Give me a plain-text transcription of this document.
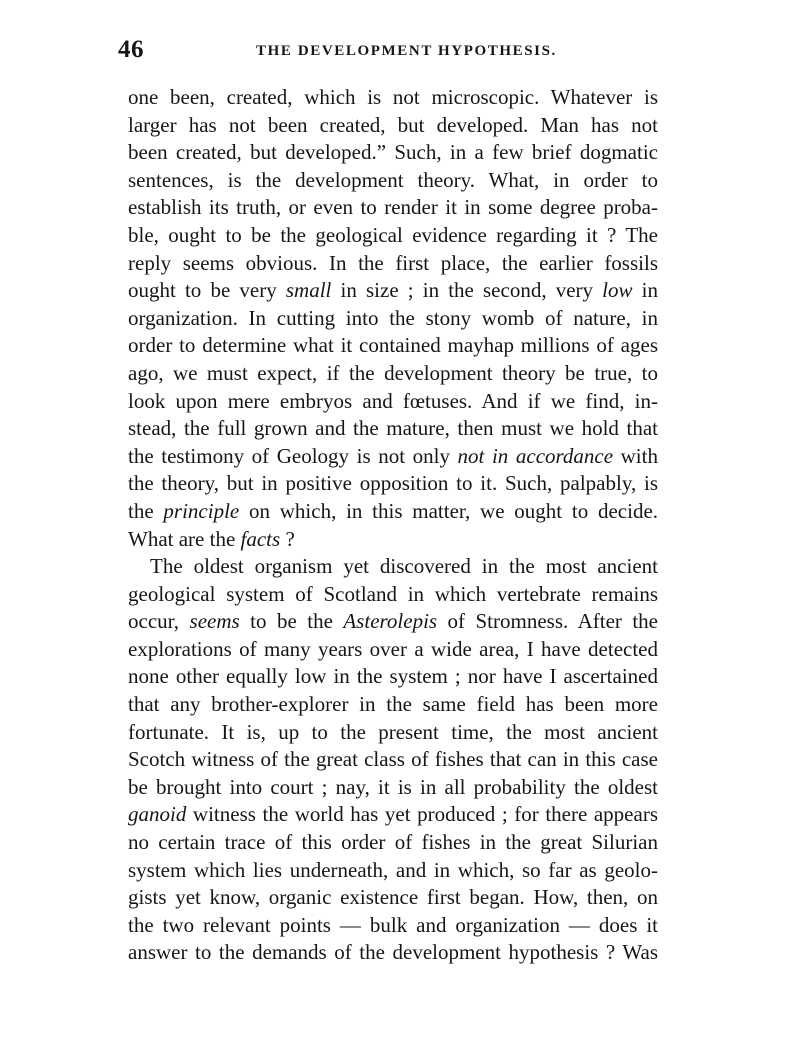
46	THE DEVELOPMENT HYPOTHESIS.
one been, created, which is not microscopic. Whatever is
larger has not been created, but developed. Man has not
been created, but developed.” Such, in a few brief dogmatic
sentences, is the development theory. What, in order to
establish its truth, or even to render it in some degree proba-
ble, ought to be the geological evidence regarding it ? The
reply seems obvious. In the first place, the earlier fossils
ought to be very small in size ; in the second, very low in
organization. In cutting into the stony womb of nature, in
order to determine what it contained mayhap millions of ages
ago, we must expect, if the development theory be true, to
look upon mere embryos and fœtuses. And if we find, in-
stead, the full grown and the mature, then must we hold that
the testimony of Geology is not only not in accordance with
the theory, but in positive opposition to it. Such, palpably, is
the principle on which, in this matter, we ought to decide.
What are the facts ?
The oldest organism yet discovered in the most ancient
geological system of Scotland in which vertebrate remains
occur, seems to be the Asterolepis of Stromness. After the
explorations of many years over a wide area, I have detected
none other equally low in the system ; nor have I ascertained
that any brother-explorer in the same field has been more
fortunate. It is, up to the present time, the most ancient
Scotch witness of the great class of fishes that can in this case
be brought into court ; nay, it is in all probability the oldest
ganoid witness the world has yet produced ; for there appears
no certain trace of this order of fishes in the great Silurian
system which lies underneath, and in which, so far as geolo-
gists yet know, organic existence first began. How, then, on
the two relevant points — bulk and organization — does it
answer to the demands of the development hypothesis ? Was
